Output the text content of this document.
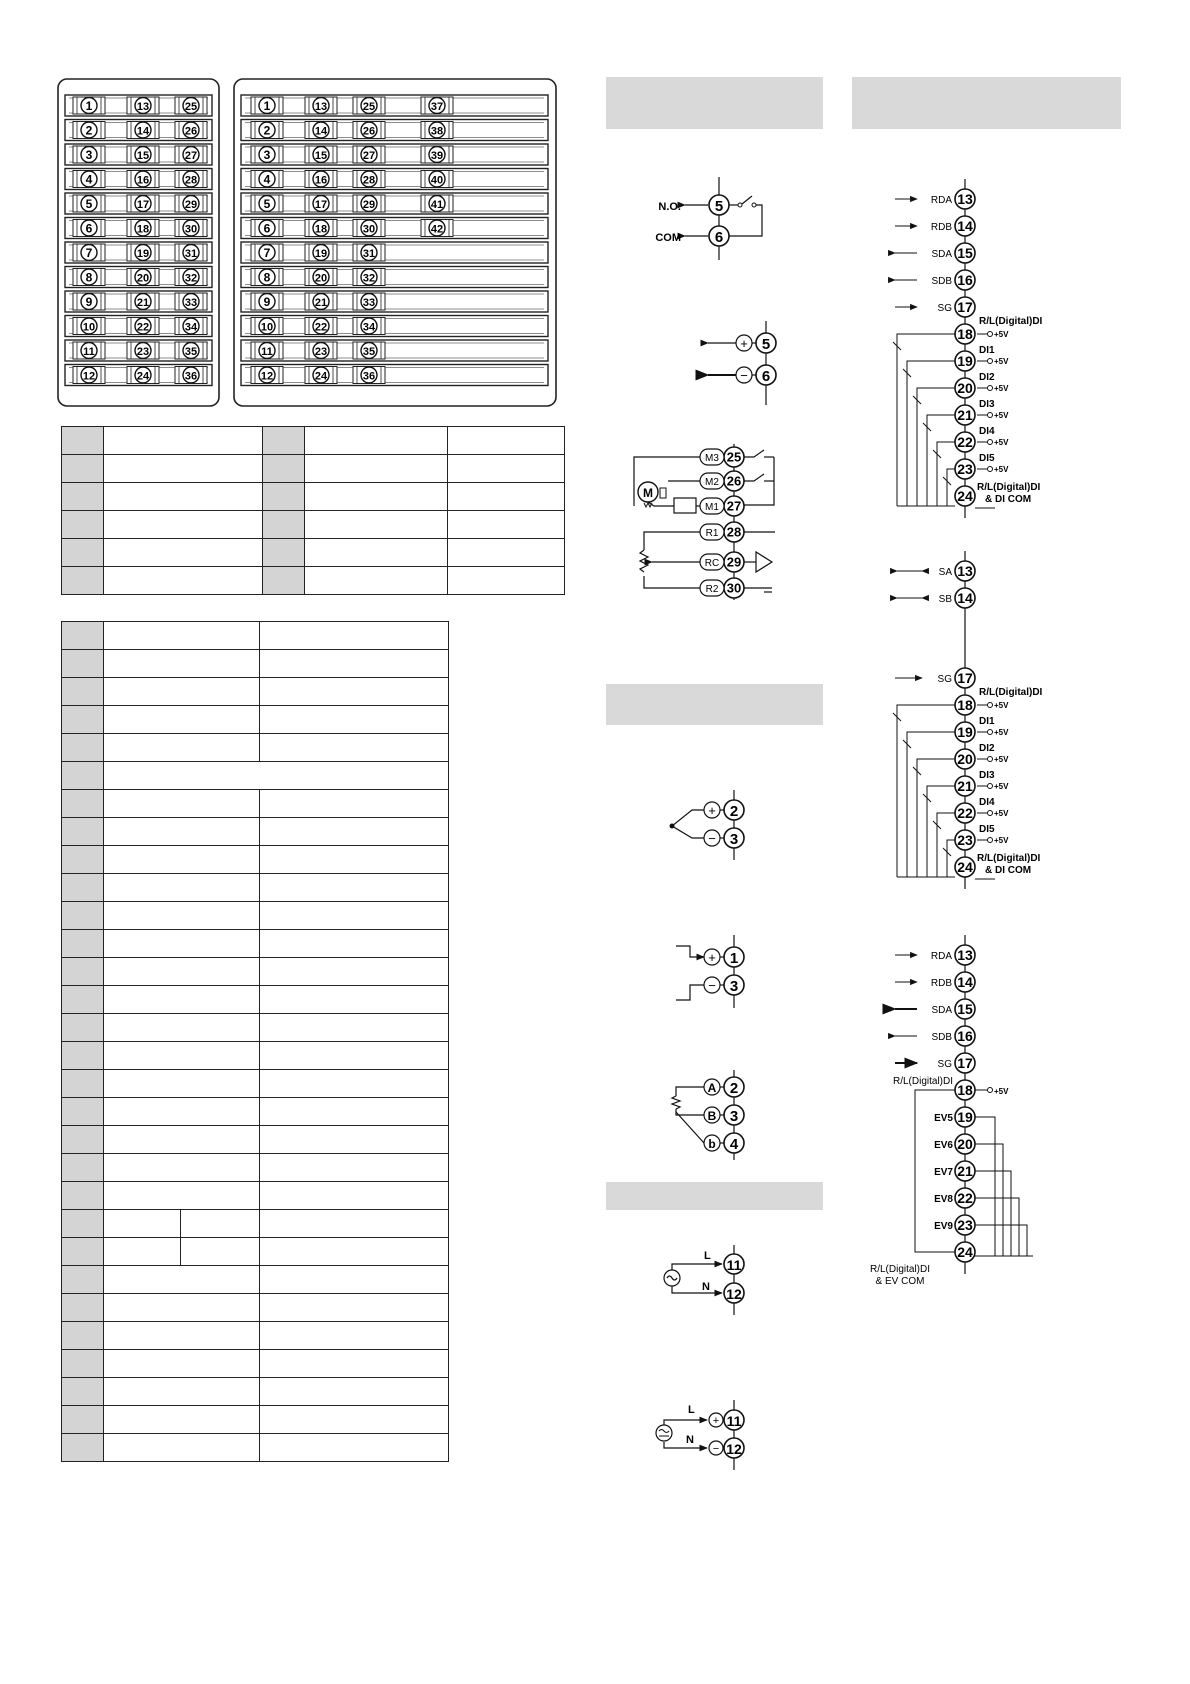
1	13	25
2	14	26
3	15	27
4	16	28
5	17	29
6	18	30
7	19	31
8	20	32
9	21	33
10	22	34
11	23	35
12	24	36
1	13	25	37
2	14	26	38
3	15	27	39
4	16	28	40
5	17	29	41
6	18	30	42
7	19	31
8	20	32
9	21	33
10	22	34
11	23	35
12	24	36
5
6
N.O.
COM
5
6
+
−
25
M3
26
M2
27
M1
28
R1
29
RC
30
R2
M
2
3
+
−
1
3
+
−
2
3
4
A
B
b
11
12
L
N
11
12
+
−
L
N
RDA
RDB
SDA
SDB
SG
13
14
15
16
17
18
19
20
21
22
23
24
R/L(Digital)DI
+5V
DI1
+5V
DI2
+5V
DI3
+5V
DI4
+5V
DI5
+5V
R/L(Digital)DI
& DI COM
SA
SB
SG
13
14
17
18
19
20
21
22
23
24
R/L(Digital)DI
+5V
DI1
+5V
DI2
+5V
DI3
+5V
DI4
+5V
DI5
+5V
R/L(Digital)DI
& DI COM
RDA
RDB
SDA
SDB
SG
13
14
15
16
17
18
19
20
21
22
23
24
R/L(Digital)DI
+5V
EV5
EV6
EV7
EV8
EV9
R/L(Digital)DI
& EV COM
